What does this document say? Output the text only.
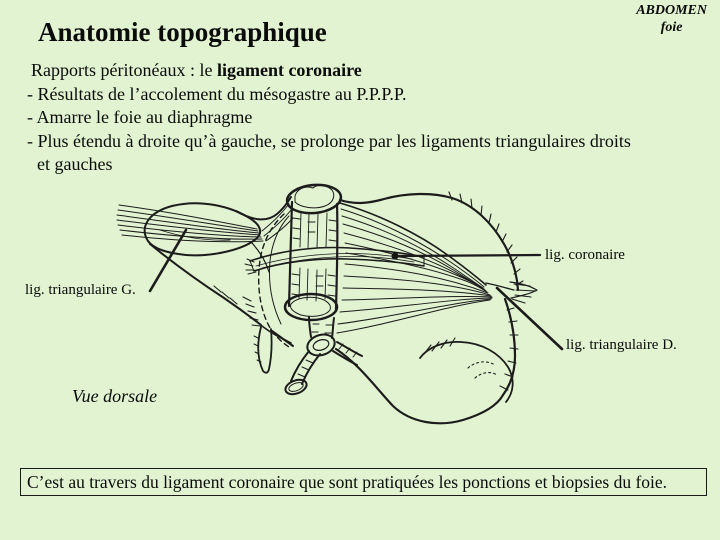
Anatomie topographique
ABDOMEN
foie
Rapports péritonéaux : le ligament coronaire
- Résultats de l’accolement du mésogastre au P.P.P.P.
- Amarre le foie au diaphragme
- Plus étendu à droite qu’à gauche, se prolonge par les ligaments triangulaires droits
et gauches
lig. coronaire
lig. triangulaire G.
lig. triangulaire D.
Vue dorsale
C’est au travers du ligament coronaire que sont pratiquées les ponctions et biopsies du foie.
